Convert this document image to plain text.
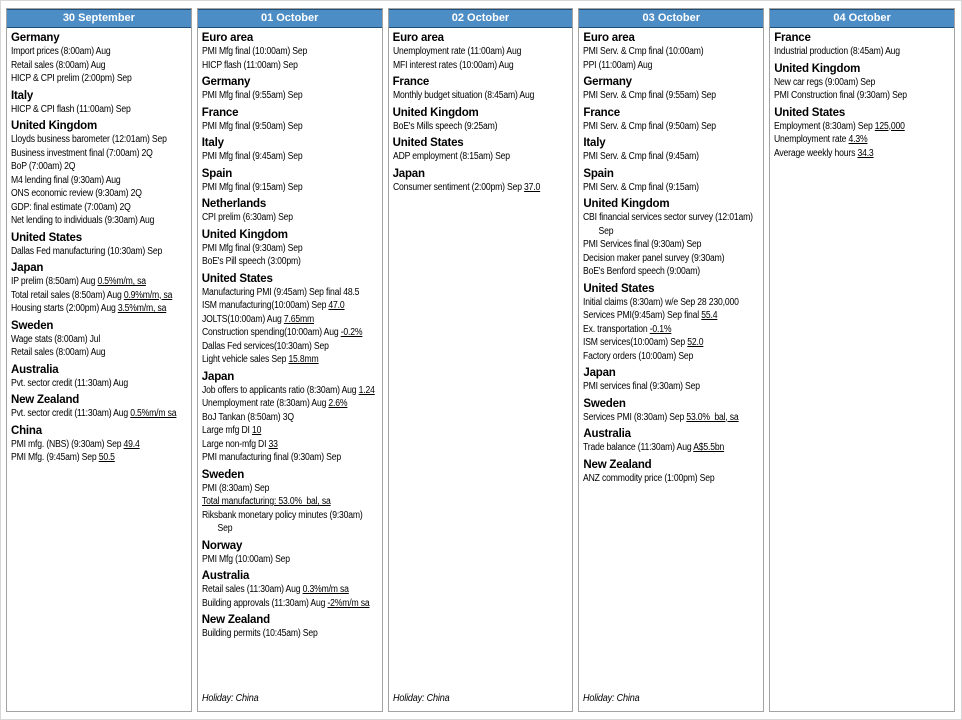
30 September
Germany
Import prices (8:00am) Aug
Retail sales (8:00am) Aug
HICP & CPI prelim (2:00pm) Sep
Italy
HICP & CPI flash (11:00am) Sep
United Kingdom
Lloyds business barometer (12:01am) Sep
Business investment final (7:00am) 2Q
BoP (7:00am) 2Q
M4 lending final (9:30am) Aug
ONS economic review (9:30am) 2Q
GDP: final estimate (7:00am) 2Q
Net lending to individuals (9:30am) Aug
United States
Dallas Fed manufacturing (10:30am) Sep
Japan
IP prelim (8:50am) Aug 0.5%m/m, sa
Total retail sales (8:50am) Aug 0.9%m/m, sa
Housing starts (2:00pm) Aug 3.5%m/m, sa
Sweden
Wage stats (8:00am) Jul
Retail sales (8:00am) Aug
Australia
Pvt. sector credit (11:30am) Aug
New Zealand
Pvt. sector credit (11:30am) Aug 0.5%m/m sa
China
PMI mfg. (NBS) (9:30am) Sep 49.4
PMI Mfg. (9:45am) Sep 50.5
01 October
Euro area
PMI Mfg final (10:00am) Sep
HICP flash (11:00am) Sep
Germany
PMI Mfg final (9:55am) Sep
France
PMI Mfg final (9:50am) Sep
Italy
PMI Mfg final (9:45am) Sep
Spain
PMI Mfg final (9:15am) Sep
Netherlands
CPI prelim (6:30am) Sep
United Kingdom
PMI Mfg final (9:30am) Sep
BoE's Pill speech (3:00pm)
United States
Manufacturing PMI (9:45am) Sep final 48.5
ISM manufacturing(10:00am) Sep 47.0
JOLTS(10:00am) Aug 7.65mm
Construction spending(10:00am) Aug -0.2%
Dallas Fed services(10:30am) Sep
Light vehicle sales Sep 15.8mm
Japan
Job offers to applicants ratio (8:30am) Aug 1.24
Unemployment rate (8:30am) Aug 2.6%
BoJ Tankan (8:50am) 3Q
Large mfg DI 10
Large non-mfg DI 33
PMI manufacturing final (9:30am) Sep
Sweden
PMI (8:30am) Sep
Total manufacturing: 53.0%  bal, sa
Riksbank monetary policy minutes (9:30am) Sep
Norway
PMI Mfg (10:00am) Sep
Australia
Retail sales (11:30am) Aug 0.3%m/m sa
Building approvals (11:30am) Aug -2%m/m sa
New Zealand
Building permits (10:45am) Sep
Holiday: China
02 October
Euro area
Unemployment rate (11:00am) Aug
MFI interest rates (10:00am) Aug
France
Monthly budget situation (8:45am) Aug
United Kingdom
BoE's Mills speech (9:25am)
United States
ADP employment (8:15am) Sep
Japan
Consumer sentiment (2:00pm) Sep 37.0
Holiday: China
03 October
Euro area
PMI Serv. & Cmp final (10:00am)
PPI (11:00am) Aug
Germany
PMI Serv. & Cmp final (9:55am) Sep
France
PMI Serv. & Cmp final (9:50am) Sep
Italy
PMI Serv. & Cmp final (9:45am)
Spain
PMI Serv. & Cmp final (9:15am)
United Kingdom
CBI financial services sector survey (12:01am) Sep
PMI Services final (9:30am) Sep
Decision maker panel survey (9:30am)
BoE's Benford speech (9:00am)
United States
Initial claims (8:30am) w/e Sep 28 230,000
Services PMI(9:45am) Sep final 55.4
Ex. transportation -0.1%
ISM services(10:00am) Sep 52.0
Factory orders (10:00am) Sep
Japan
PMI services final (9:30am) Sep
Sweden
Services PMI (8:30am) Sep 53.0%  bal, sa
Australia
Trade balance (11:30am) Aug A$5.5bn
New Zealand
ANZ commodity price (1:00pm) Sep
Holiday: China
04 October
France
Industrial production (8:45am) Aug
United Kingdom
New car regs (9:00am) Sep
PMI Construction final (9:30am) Sep
United States
Employment (8:30am) Sep 125,000
Unemployment rate 4.3%
Average weekly hours 34.3
